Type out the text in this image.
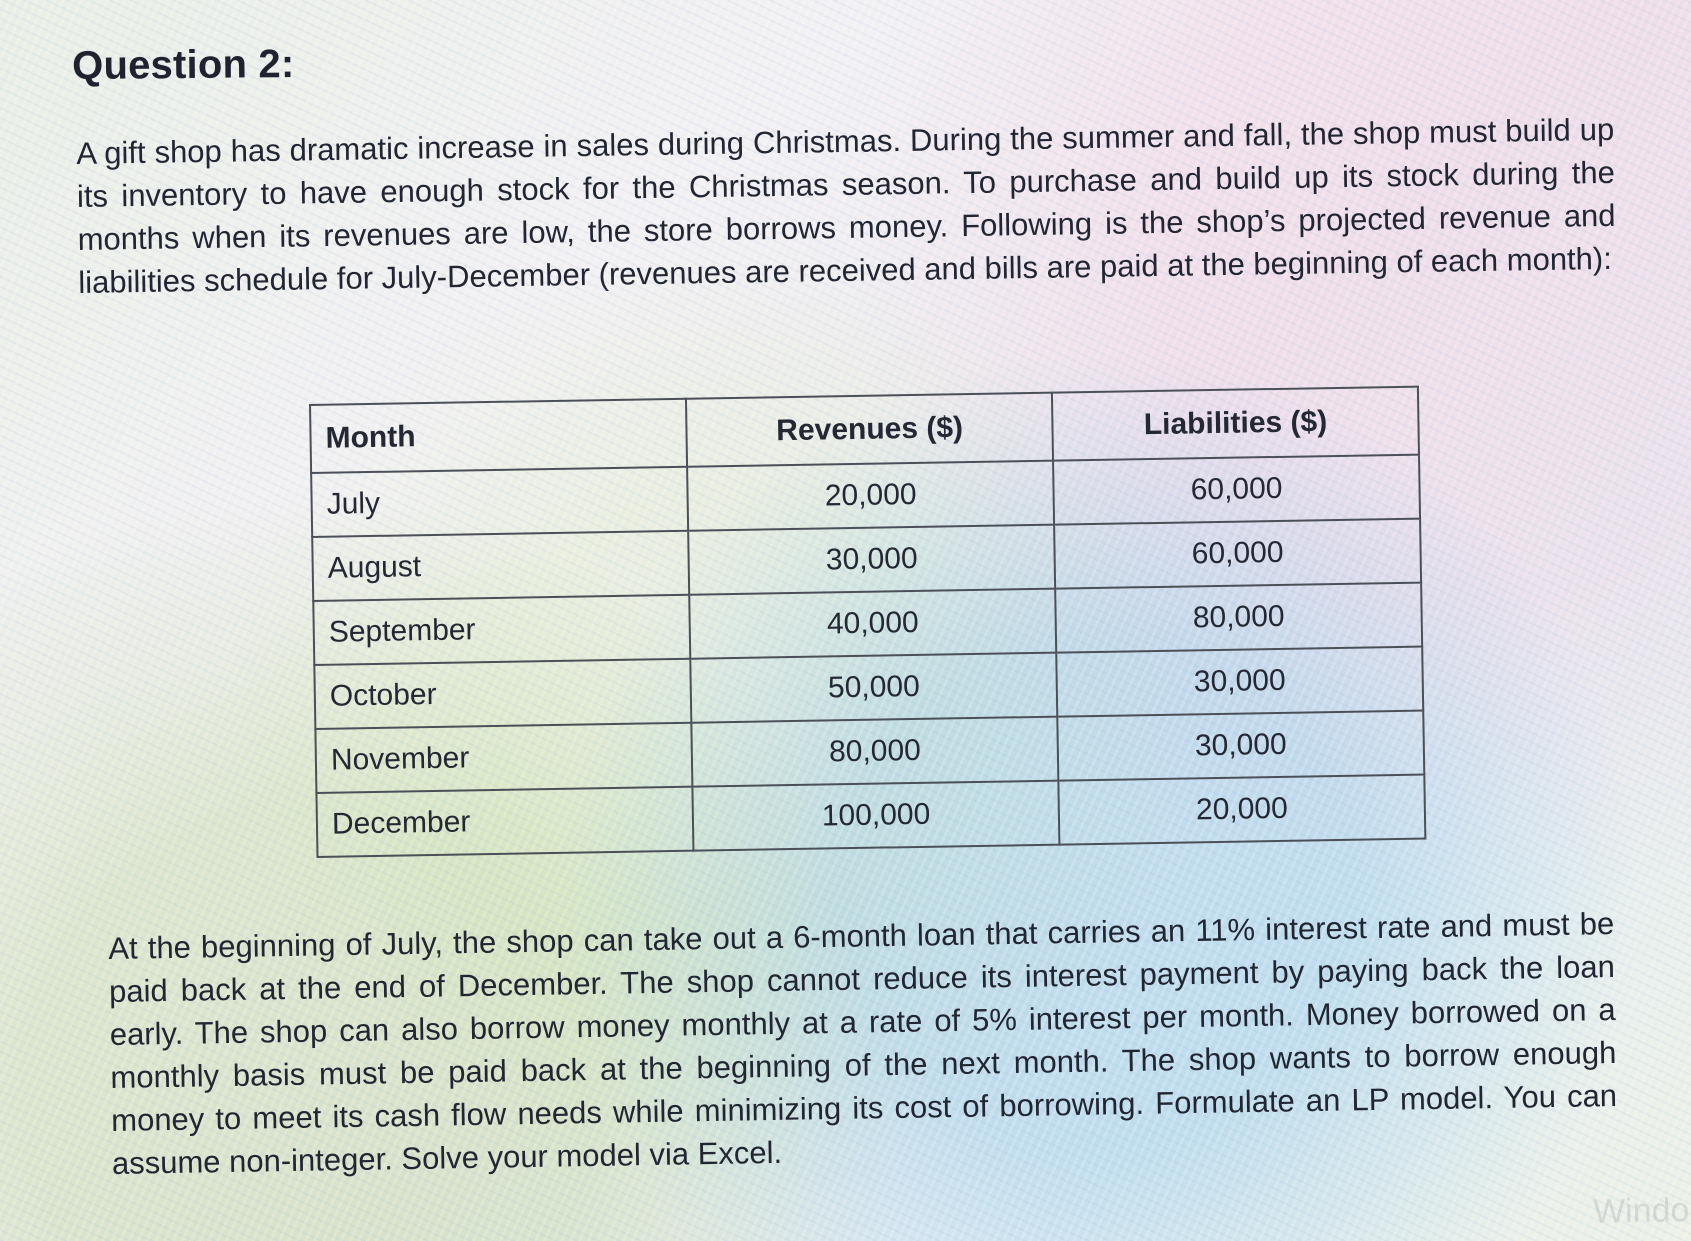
Question 2:

A gift shop has dramatic increase in sales during Christmas. During the summer and fall, the shop must build up its inventory to have enough stock for the Christmas season. To purchase and build up its stock during the months when its revenues are low, the store borrows money. Following is the shop’s projected revenue and liabilities schedule for July-December (revenues are received and bills are paid at the beginning of each month):

Month	Revenues ($)	Liabilities ($)
July	20,000	60,000
August	30,000	60,000
September	40,000	80,000
October	50,000	30,000
November	80,000	30,000
December	100,000	20,000

At the beginning of July, the shop can take out a 6-month loan that carries an 11% interest rate and must be paid back at the end of December. The shop cannot reduce its interest payment by paying back the loan early. The shop can also borrow money monthly at a rate of 5% interest per month. Money borrowed on a monthly basis must be paid back at the beginning of the next month. The shop wants to borrow enough money to meet its cash flow needs while minimizing its cost of borrowing. Formulate an LP model. You can assume non-integer. Solve your model via Excel.

Windo
